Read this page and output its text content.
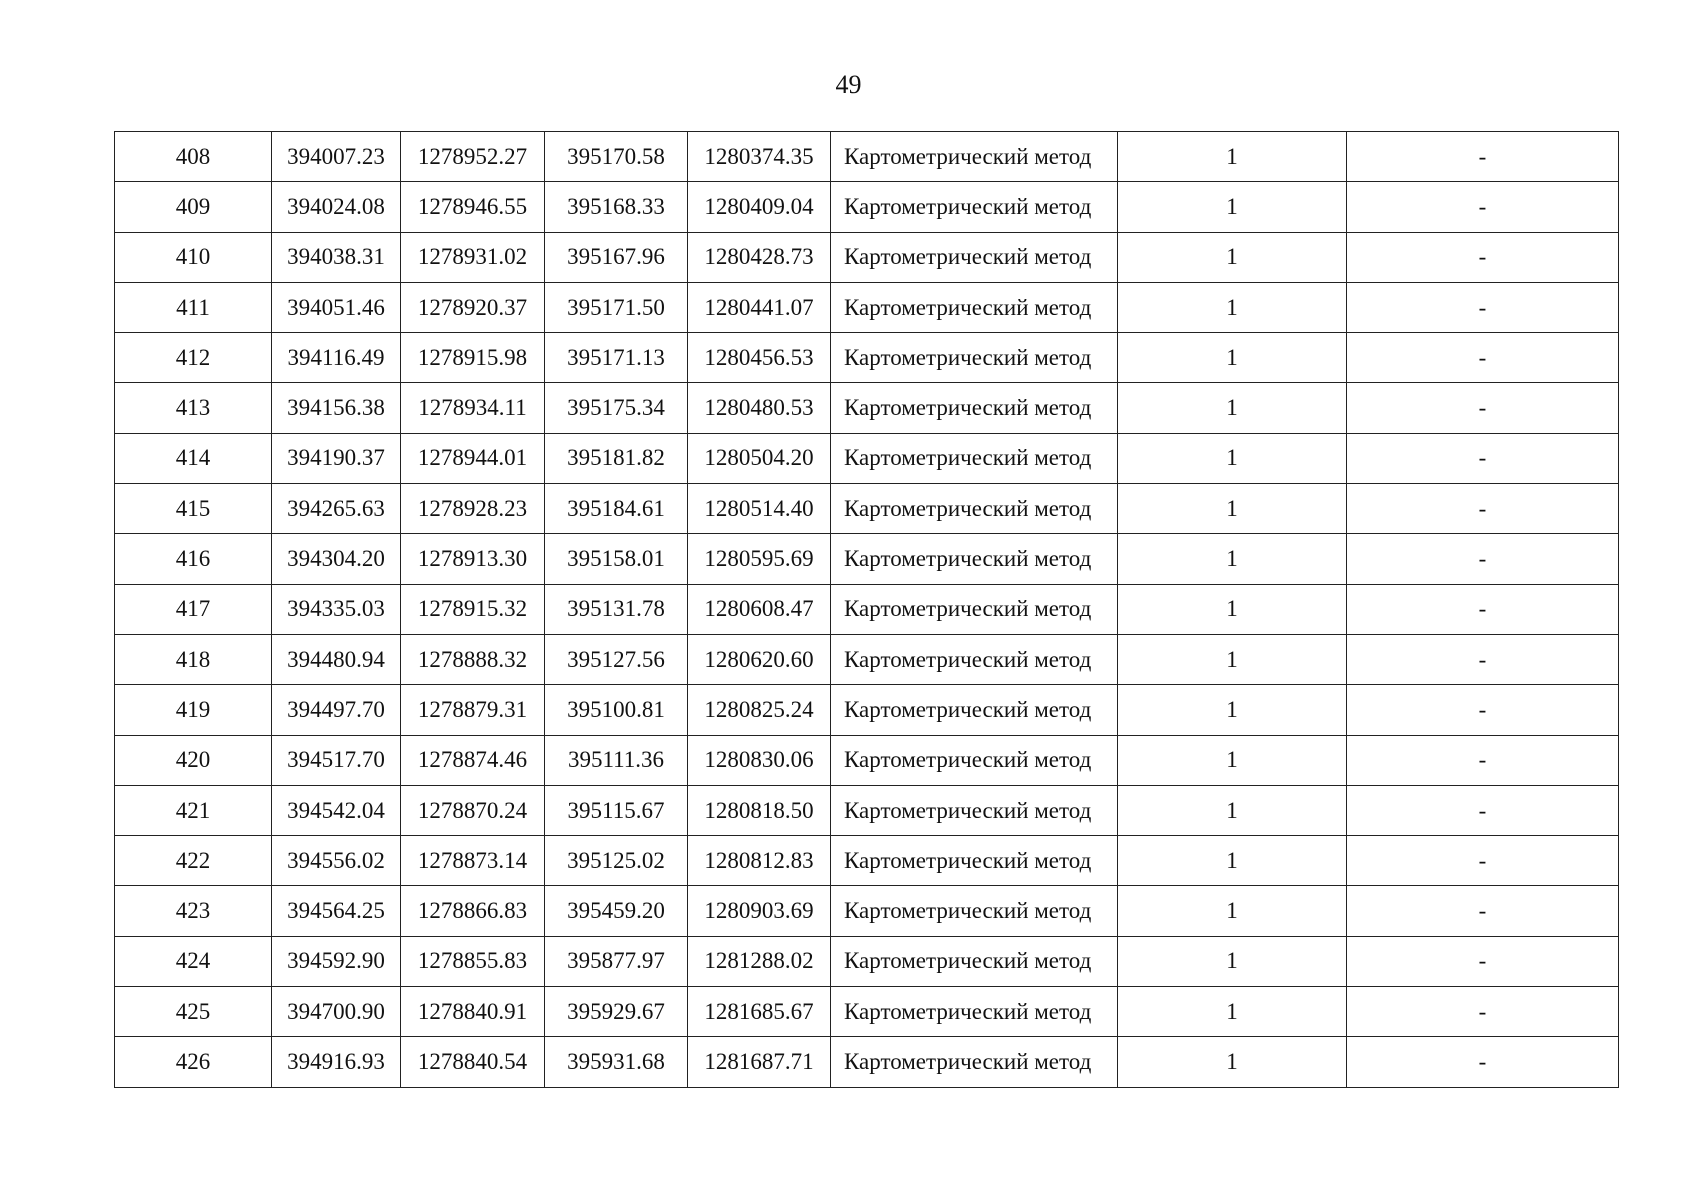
49
408	394007.23	1278952.27	395170.58	1280374.35	Картометрический метод	1	-
409	394024.08	1278946.55	395168.33	1280409.04	Картометрический метод	1	-
410	394038.31	1278931.02	395167.96	1280428.73	Картометрический метод	1	-
411	394051.46	1278920.37	395171.50	1280441.07	Картометрический метод	1	-
412	394116.49	1278915.98	395171.13	1280456.53	Картометрический метод	1	-
413	394156.38	1278934.11	395175.34	1280480.53	Картометрический метод	1	-
414	394190.37	1278944.01	395181.82	1280504.20	Картометрический метод	1	-
415	394265.63	1278928.23	395184.61	1280514.40	Картометрический метод	1	-
416	394304.20	1278913.30	395158.01	1280595.69	Картометрический метод	1	-
417	394335.03	1278915.32	395131.78	1280608.47	Картометрический метод	1	-
418	394480.94	1278888.32	395127.56	1280620.60	Картометрический метод	1	-
419	394497.70	1278879.31	395100.81	1280825.24	Картометрический метод	1	-
420	394517.70	1278874.46	395111.36	1280830.06	Картометрический метод	1	-
421	394542.04	1278870.24	395115.67	1280818.50	Картометрический метод	1	-
422	394556.02	1278873.14	395125.02	1280812.83	Картометрический метод	1	-
423	394564.25	1278866.83	395459.20	1280903.69	Картометрический метод	1	-
424	394592.90	1278855.83	395877.97	1281288.02	Картометрический метод	1	-
425	394700.90	1278840.91	395929.67	1281685.67	Картометрический метод	1	-
426	394916.93	1278840.54	395931.68	1281687.71	Картометрический метод	1	-
